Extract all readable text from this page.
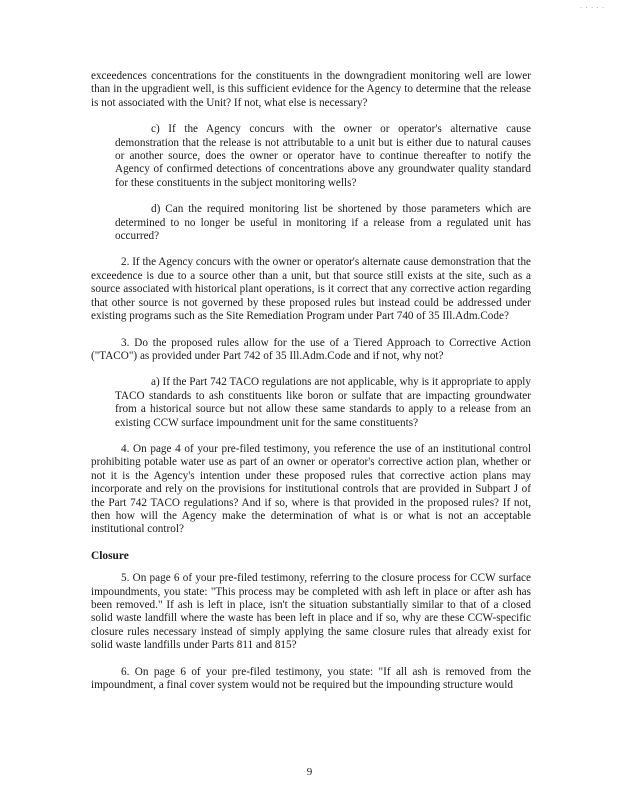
. . . . .

exceedences concentrations for the constituents in the downgradient monitoring well are lower than in the upgradient well, is this sufficient evidence for the Agency to determine that the release is not associated with the Unit? If not, what else is necessary?

c) If the Agency concurs with the owner or operator's alternative cause demonstration that the release is not attributable to a unit but is either due to natural causes or another source, does the owner or operator have to continue thereafter to notify the Agency of confirmed detections of concentrations above any groundwater quality standard for these constituents in the subject monitoring wells?

d) Can the required monitoring list be shortened by those parameters which are determined to no longer be useful in monitoring if a release from a regulated unit has occurred?

2. If the Agency concurs with the owner or operator's alternate cause demonstration that the exceedence is due to a source other than a unit, but that source still exists at the site, such as a source associated with historical plant operations, is it correct that any corrective action regarding that other source is not governed by these proposed rules but instead could be addressed under existing programs such as the Site Remediation Program under Part 740 of 35 Ill.Adm.Code?

3. Do the proposed rules allow for the use of a Tiered Approach to Corrective Action ("TACO") as provided under Part 742 of 35 Ill.Adm.Code and if not, why not?

a) If the Part 742 TACO regulations are not applicable, why is it appropriate to apply TACO standards to ash constituents like boron or sulfate that are impacting groundwater from a historical source but not allow these same standards to apply to a release from an existing CCW surface impoundment unit for the same constituents?

4. On page 4 of your pre-filed testimony, you reference the use of an institutional control prohibiting potable water use as part of an owner or operator's corrective action plan, whether or not it is the Agency's intention under these proposed rules that corrective action plans may incorporate and rely on the provisions for institutional controls that are provided in Subpart J of the Part 742 TACO regulations? And if so, where is that provided in the proposed rules? If not, then how will the Agency make the determination of what is or what is not an acceptable institutional control?

Closure

5. On page 6 of your pre-filed testimony, referring to the closure process for CCW surface impoundments, you state: "This process may be completed with ash left in place or after ash has been removed." If ash is left in place, isn't the situation substantially similar to that of a closed solid waste landfill where the waste has been left in place and if so, why are these CCW-specific closure rules necessary instead of simply applying the same closure rules that already exist for solid waste landfills under Parts 811 and 815?

6. On page 6 of your pre-filed testimony, you state: "If all ash is removed from the impoundment, a final cover system would not be required but the impounding structure would

9
